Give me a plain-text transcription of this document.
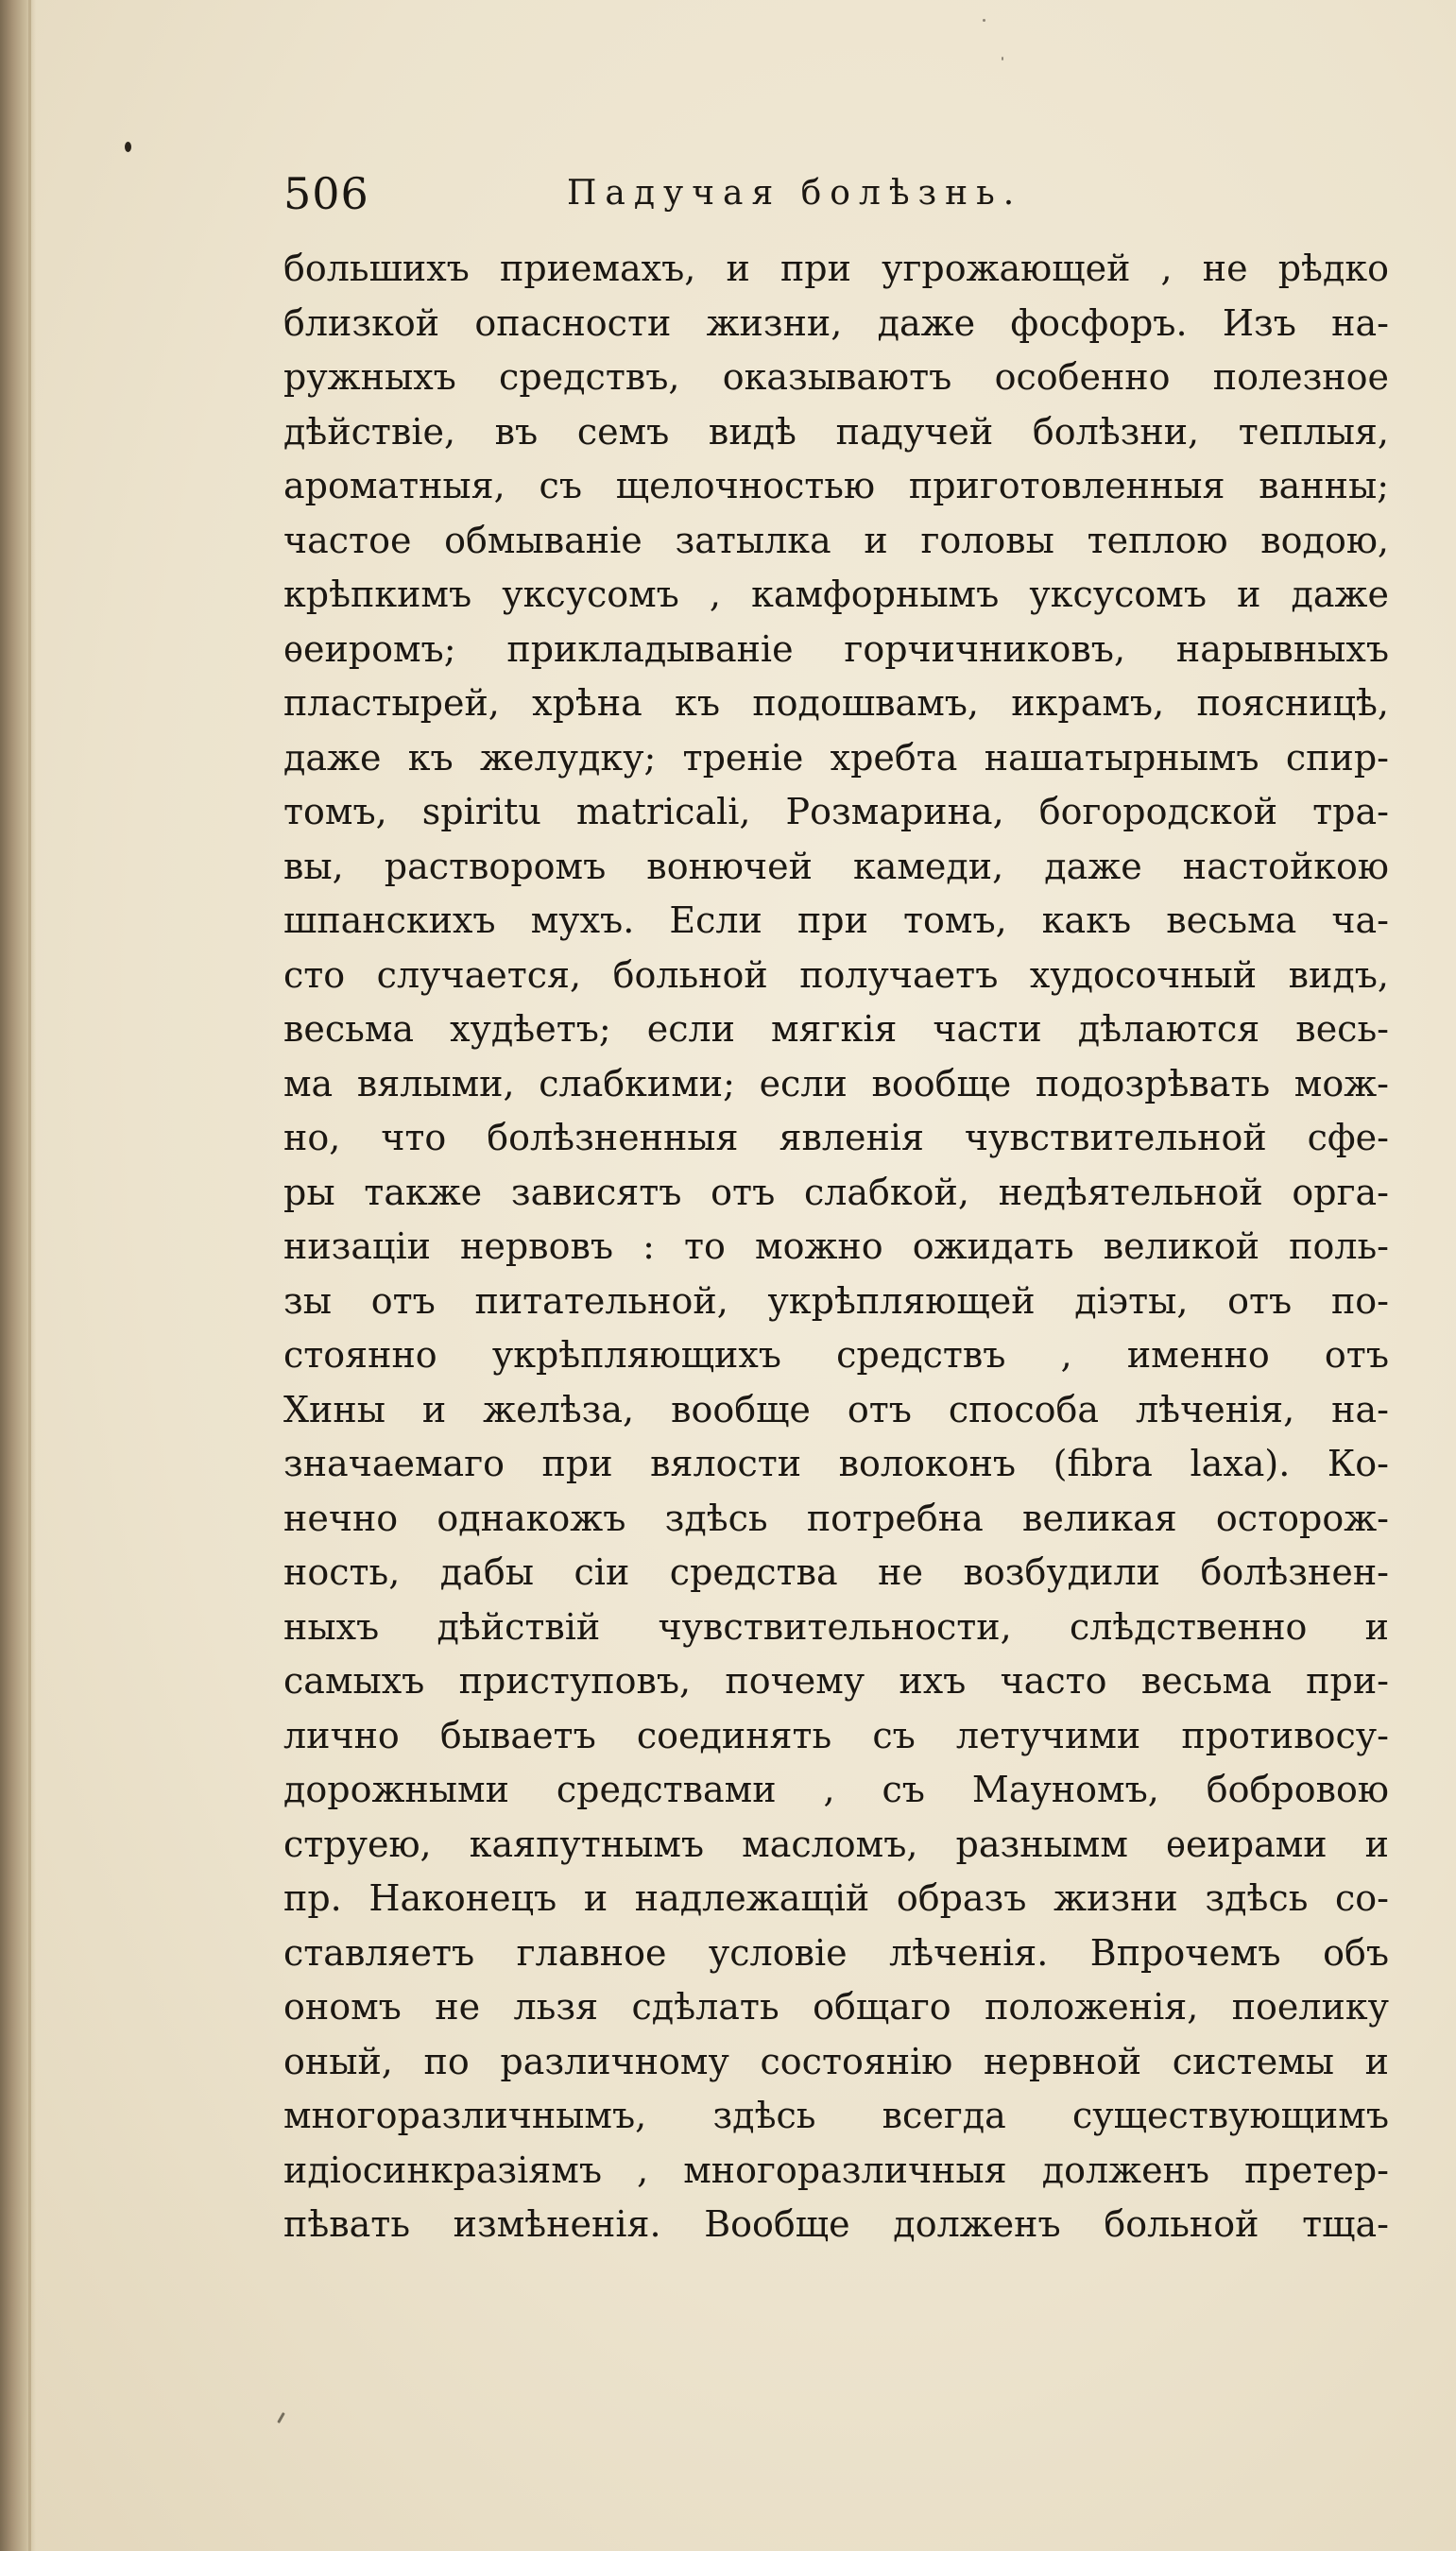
506	Падучая болѣзнь.
большихъ приемахъ, и при угрожающей , не рѣдко
близкой опасности жизни, даже фосфоръ. Изъ на-
ружныхъ средствъ, оказываютъ особенно полезное
дѣйствіе, въ семъ видѣ падучей болѣзни, теплыя,
ароматныя, съ щелочностью приготовленныя ванны;
частое обмываніе затылка и головы теплою водою,
крѣпкимъ уксусомъ , камфорнымъ уксусомъ и даже
ѳеиромъ; прикладываніе горчичниковъ, нарывныхъ
пластырей, хрѣна къ подошвамъ, икрамъ, поясницѣ,
даже къ желудку; треніе хребта нашатырнымъ спир-
томъ, spiritu matricali, Розмарина, богородской тра-
вы, растворомъ вонючей камеди, даже настойкою
шпанскихъ мухъ. Если при томъ, какъ весьма ча-
сто случается, больной получаетъ худосочный видъ,
весьма худѣетъ; если мягкія части дѣлаются весь-
ма вялыми, слабкими; если вообще подозрѣвать мож-
но, что болѣзненныя явленія чувствительной сфе-
ры также зависятъ отъ слабкой, недѣятельной орга-
низаціи нервовъ : то можно ожидать великой поль-
зы отъ питательной, укрѣпляющей діэты, отъ по-
стоянно укрѣпляющихъ средствъ , именно отъ
Хины и желѣза, вообще отъ способа лѣченія, на-
значаемаго при вялости волоконъ (fibra laxa). Ко-
нечно однакожъ здѣсь потребна великая осторож-
ность, дабы сіи средства не возбудили болѣзнен-
ныхъ дѣйствій чувствительности, слѣдственно и
самыхъ приступовъ, почему ихъ часто весьма при-
лично бываетъ соединять съ летучими противосу-
дорожными средствами , съ Мауномъ, бобровою
струею, каяпутнымъ масломъ, разнымм ѳеирами и
пр. Наконецъ и надлежащій образъ жизни здѣсь со-
ставляетъ главное условіе лѣченія. Впрочемъ объ
ономъ не льзя сдѣлать общаго положенія, поелику
оный, по различному состоянію нервной системы и
многоразличнымъ, здѣсь всегда существующимъ
идіосинкразіямъ , многоразличныя долженъ претер-
пѣвать измѣненія. Вообще долженъ больной тща-
